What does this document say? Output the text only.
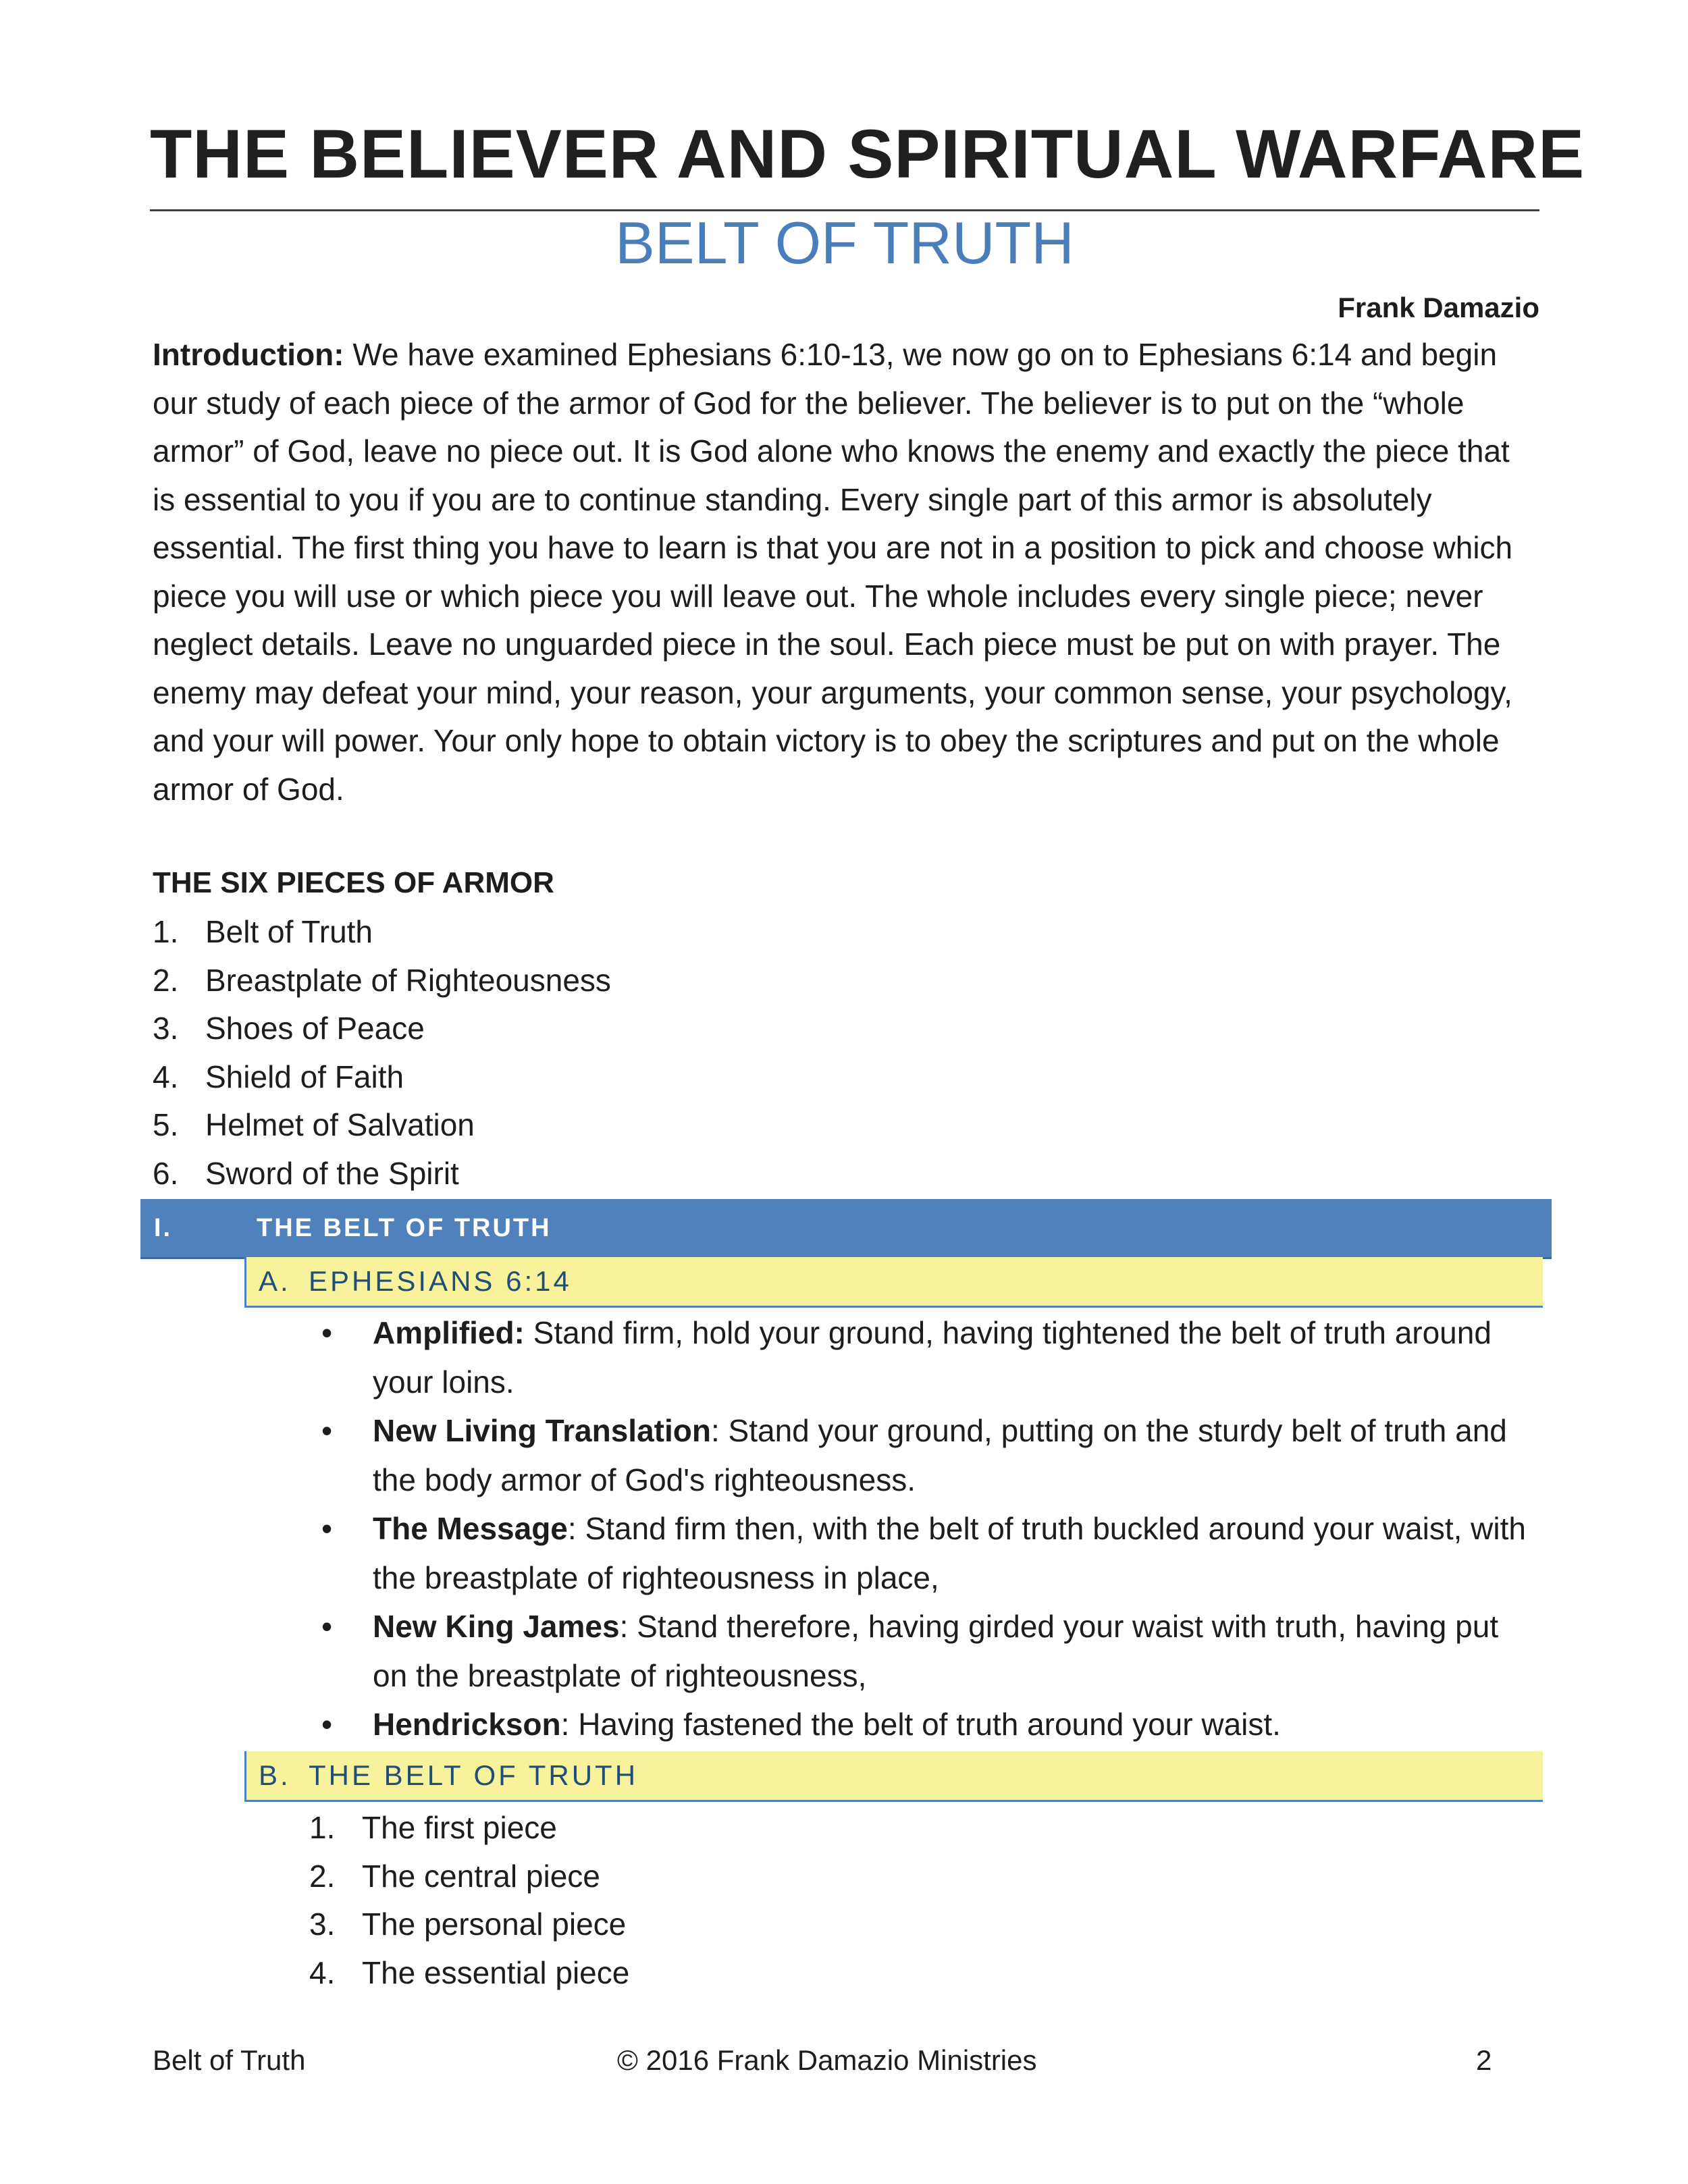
THE BELIEVER AND SPIRITUAL WARFARE
BELT OF TRUTH
Frank Damazio

Introduction: We have examined Ephesians 6:10-13, we now go on to Ephesians 6:14 and begin our study of each piece of the armor of God for the believer. The believer is to put on the “whole armor” of God, leave no piece out. It is God alone who knows the enemy and exactly the piece that is essential to you if you are to continue standing. Every single part of this armor is absolutely essential. The first thing you have to learn is that you are not in a position to pick and choose which piece you will use or which piece you will leave out. The whole includes every single piece; never neglect details. Leave no unguarded piece in the soul. Each piece must be put on with prayer. The enemy may defeat your mind, your reason, your arguments, your common sense, your psychology, and your will power. Your only hope to obtain victory is to obey the scriptures and put on the whole armor of God.

THE SIX PIECES OF ARMOR
1. Belt of Truth
2. Breastplate of Righteousness
3. Shoes of Peace
4. Shield of Faith
5. Helmet of Salvation
6. Sword of the Spirit
I.	THE BELT OF TRUTH
A. EPHESIANS 6:14
• Amplified: Stand firm, hold your ground, having tightened the belt of truth around your loins.
• New Living Translation: Stand your ground, putting on the sturdy belt of truth and the body armor of God's righteousness.
• The Message: Stand firm then, with the belt of truth buckled around your waist, with the breastplate of righteousness in place,
• New King James: Stand therefore, having girded your waist with truth, having put on the breastplate of righteousness,
• Hendrickson: Having fastened the belt of truth around your waist.
B. THE BELT OF TRUTH
1. The first piece
2. The central piece
3. The personal piece
4. The essential piece
Belt of Truth	© 2016 Frank Damazio Ministries	2
